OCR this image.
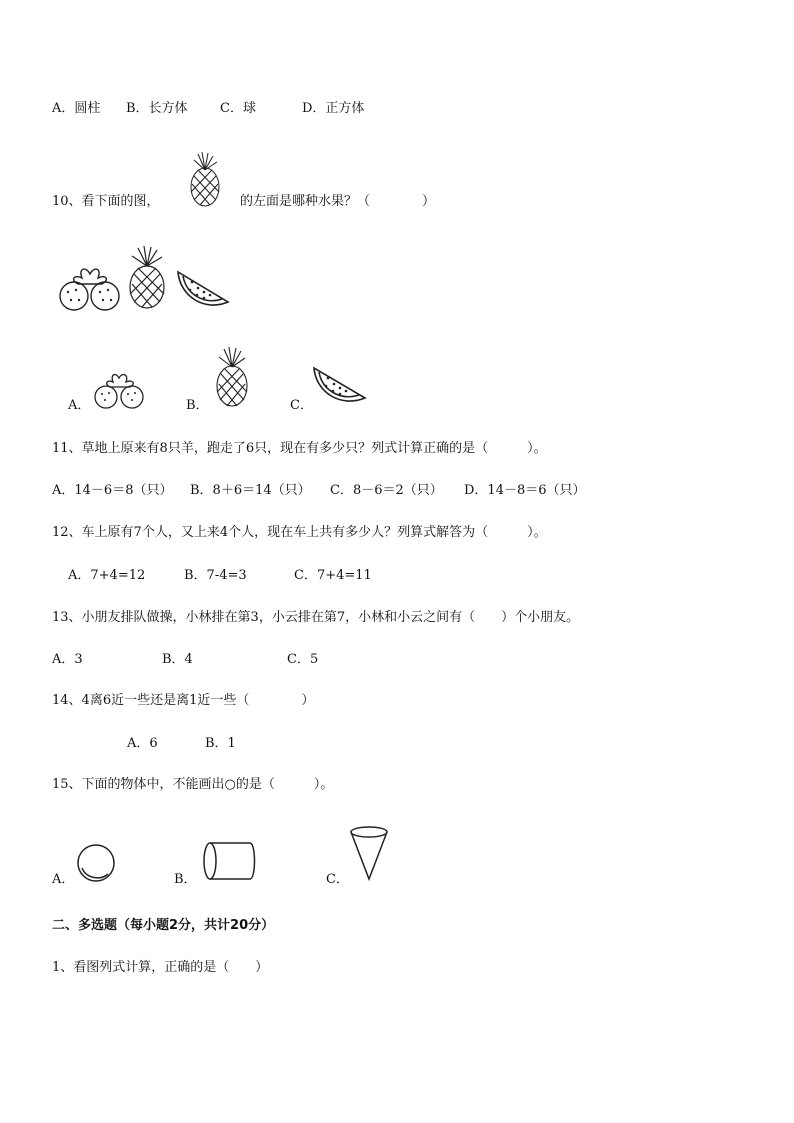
A．圆柱 B．长方体 C．球	D．正方体
10、看下面的图，	的左面是哪种水果？（　　　　）
A．	B．	C．
11、草地上原来有8只羊，跑走了6只，现在有多少只？列式计算正确的是（　　　）。
A．14－6＝8（只） B．8＋6＝14（只） C．8－6＝2（只） D．14－8＝6（只）
12、车上原有7个人，又上来4个人，现在车上共有多少人？列算式解答为（　　　）。
A．7+4=12	B．7-4=3	C．7+4=11
13、小朋友排队做操，小林排在第3，小云排在第7，小林和小云之间有（　　）个小朋友。
A．3	B．4	C．5
14、4离6近一些还是离1近一些（　　　　）
A．6	B．1
15、下面的物体中，不能画出○的是（　　　）。
A．	B．	C．
二、多选题（每小题2分，共计20分）
1、看图列式计算，正确的是（　　）
